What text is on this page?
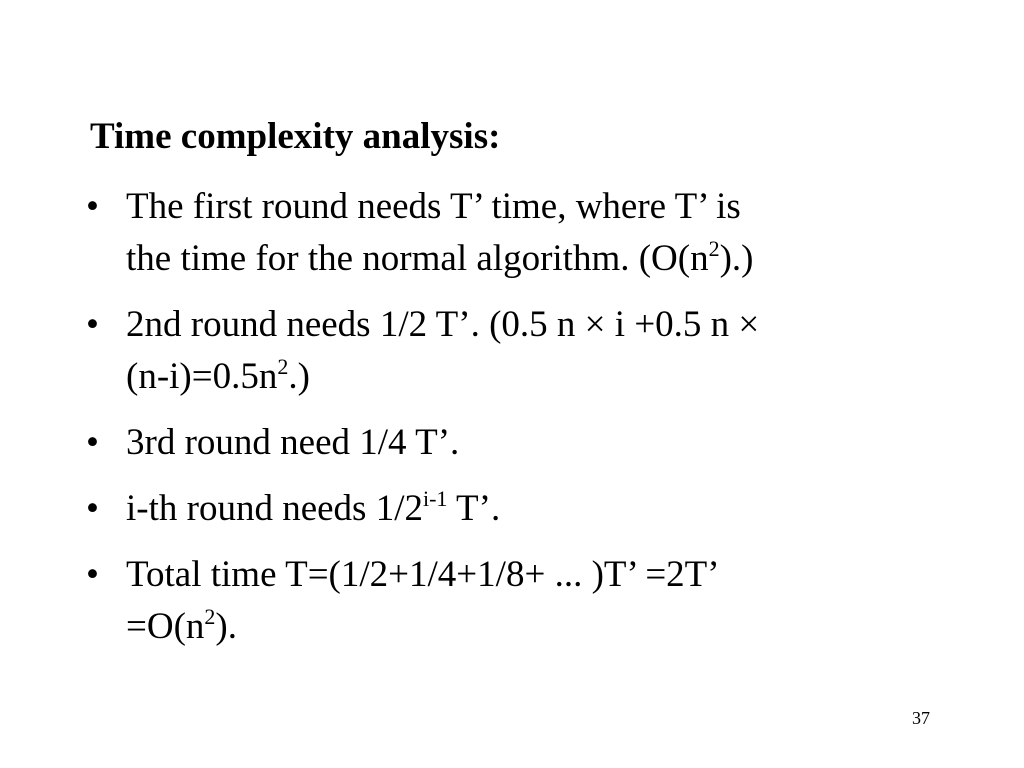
Time complexity analysis:
• The first round needs T’ time, where T’ is
the time for the normal algorithm. $(O(n^2).)$
• 2nd round needs 1/2 T’. (0.5 n × i +0.5 n ×
$(n-i)=0.5n^2$.)
• 3rd round need 1/4 T’.
• i-th round needs 1/2$^{i-1}$ T’.
• Total time T=(1/2+1/4+1/8+ ... )T’ =2T’
$=O(n^2)$.
37
